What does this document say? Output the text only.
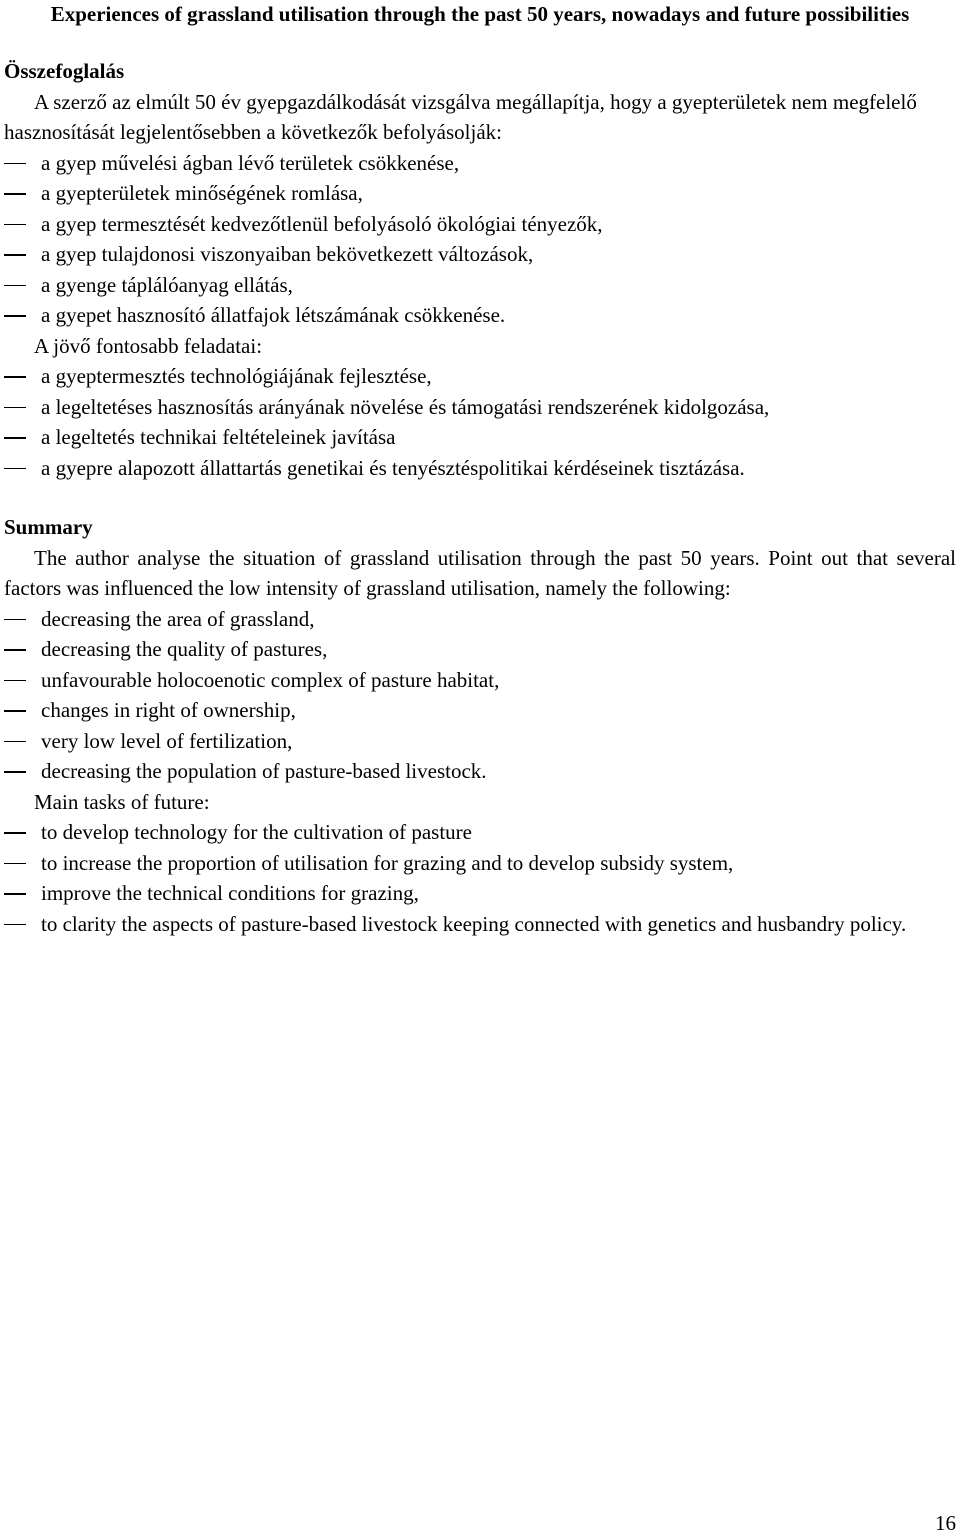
Experiences of grassland utilisation through the past 50 years, nowadays and future possibilities

Összefoglalás

A szerző az elmúlt 50 év gyepgazdálkodását vizsgálva megállapítja, hogy a gyepterületek nem megfelelő hasznosítását legjelentősebben a következők befolyásolják:

a gyep művelési ágban lévő területek csökkenése,
a gyepterületek minőségének romlása,
a gyep termesztését kedvezőtlenül befolyásoló ökológiai tényezők,
a gyep tulajdonosi viszonyaiban bekövetkezett változások,
a gyenge táplálóanyag ellátás,
a gyepet hasznosító állatfajok létszámának csökkenése.

A jövő fontosabb feladatai:

a gyeptermesztés technológiájának fejlesztése,
a legeltetéses hasznosítás arányának növelése és támogatási rendszerének kidolgozása,
a legeltetés technikai feltételeinek javítása
a gyepre alapozott állattartás genetikai és tenyésztéspolitikai kérdéseinek tisztázása.

Summary

The author analyse the situation of grassland utilisation through the past 50 years. Point out that several factors was influenced the low intensity of grassland utilisation, namely the following:

decreasing the area of grassland,
decreasing the quality of pastures,
unfavourable holocoenotic complex of pasture habitat,
changes in right of ownership,
very low level of fertilization,
decreasing the population of pasture-based livestock.

Main tasks of future:

to develop technology for the cultivation of pasture
to increase the proportion of utilisation for grazing and to develop subsidy system,
improve the technical conditions for grazing,
to clarity the aspects of pasture-based livestock keeping connected with genetics and husbandry policy.
16
